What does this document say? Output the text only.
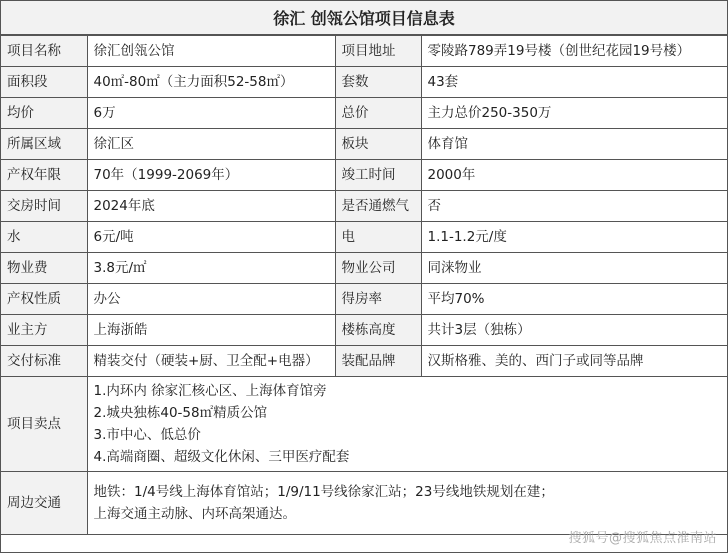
徐汇 创瓴公馆项目信息表
项目名称	徐汇创瓴公馆	项目地址	零陵路789弄19号楼（创世纪花园19号楼）
面积段	40㎡-80㎡（主力面积52-58㎡）	套数	43套
均价	6万	总价	主力总价250-350万
所属区域	徐汇区	板块	体育馆
产权年限	70年（1999-2069年）	竣工时间	2000年
交房时间	2024年底	是否通燃气	否
水	6元/吨	电	1.1-1.2元/度
物业费	3.8元/㎡	物业公司	同涞物业
产权性质	办公	得房率	平均70%
业主方	上海浙皓	楼栋高度	共计3层（独栋）
交付标准	精装交付（硬装+厨、卫全配+电器）	装配品牌	汉斯格雅、美的、西门子或同等品牌
项目卖点	1.内环内 徐家汇核心区、上海体育馆旁
2.城央独栋40-58㎡精质公馆
3.市中心、低总价
4.高端商圈、超级文化休闲、三甲医疗配套		

周边交通	地铁：1/4号线上海体育馆站；1/9/11号线徐家汇站；23号线地铁规划在建；
上海交通主动脉、内环高架通达。		
搜狐号@搜狐焦点淮南站
